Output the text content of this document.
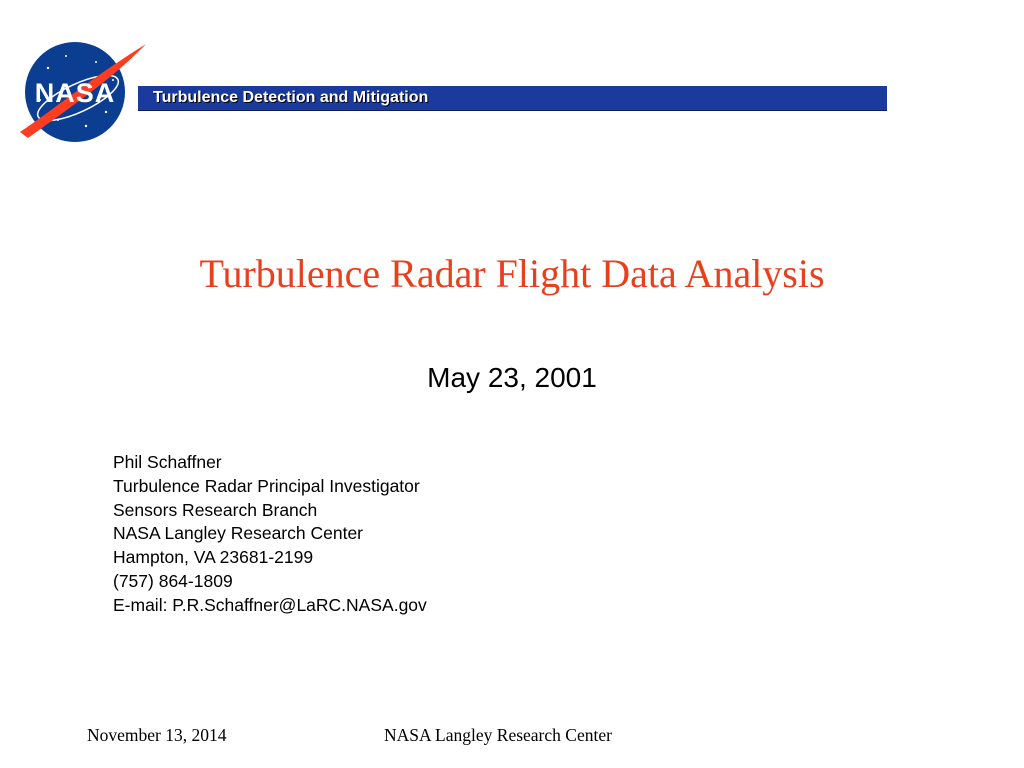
NASA Turbulence Detection and Mitigation
Turbulence Radar Flight Data Analysis
May 23, 2001
Phil Schaffner
Turbulence Radar Principal Investigator
Sensors Research Branch
NASA Langley Research Center
Hampton, VA 23681-2199
(757) 864-1809
E-mail: P.R.Schaffner@LaRC.NASA.gov
November 13, 2014	NASA Langley Research Center
